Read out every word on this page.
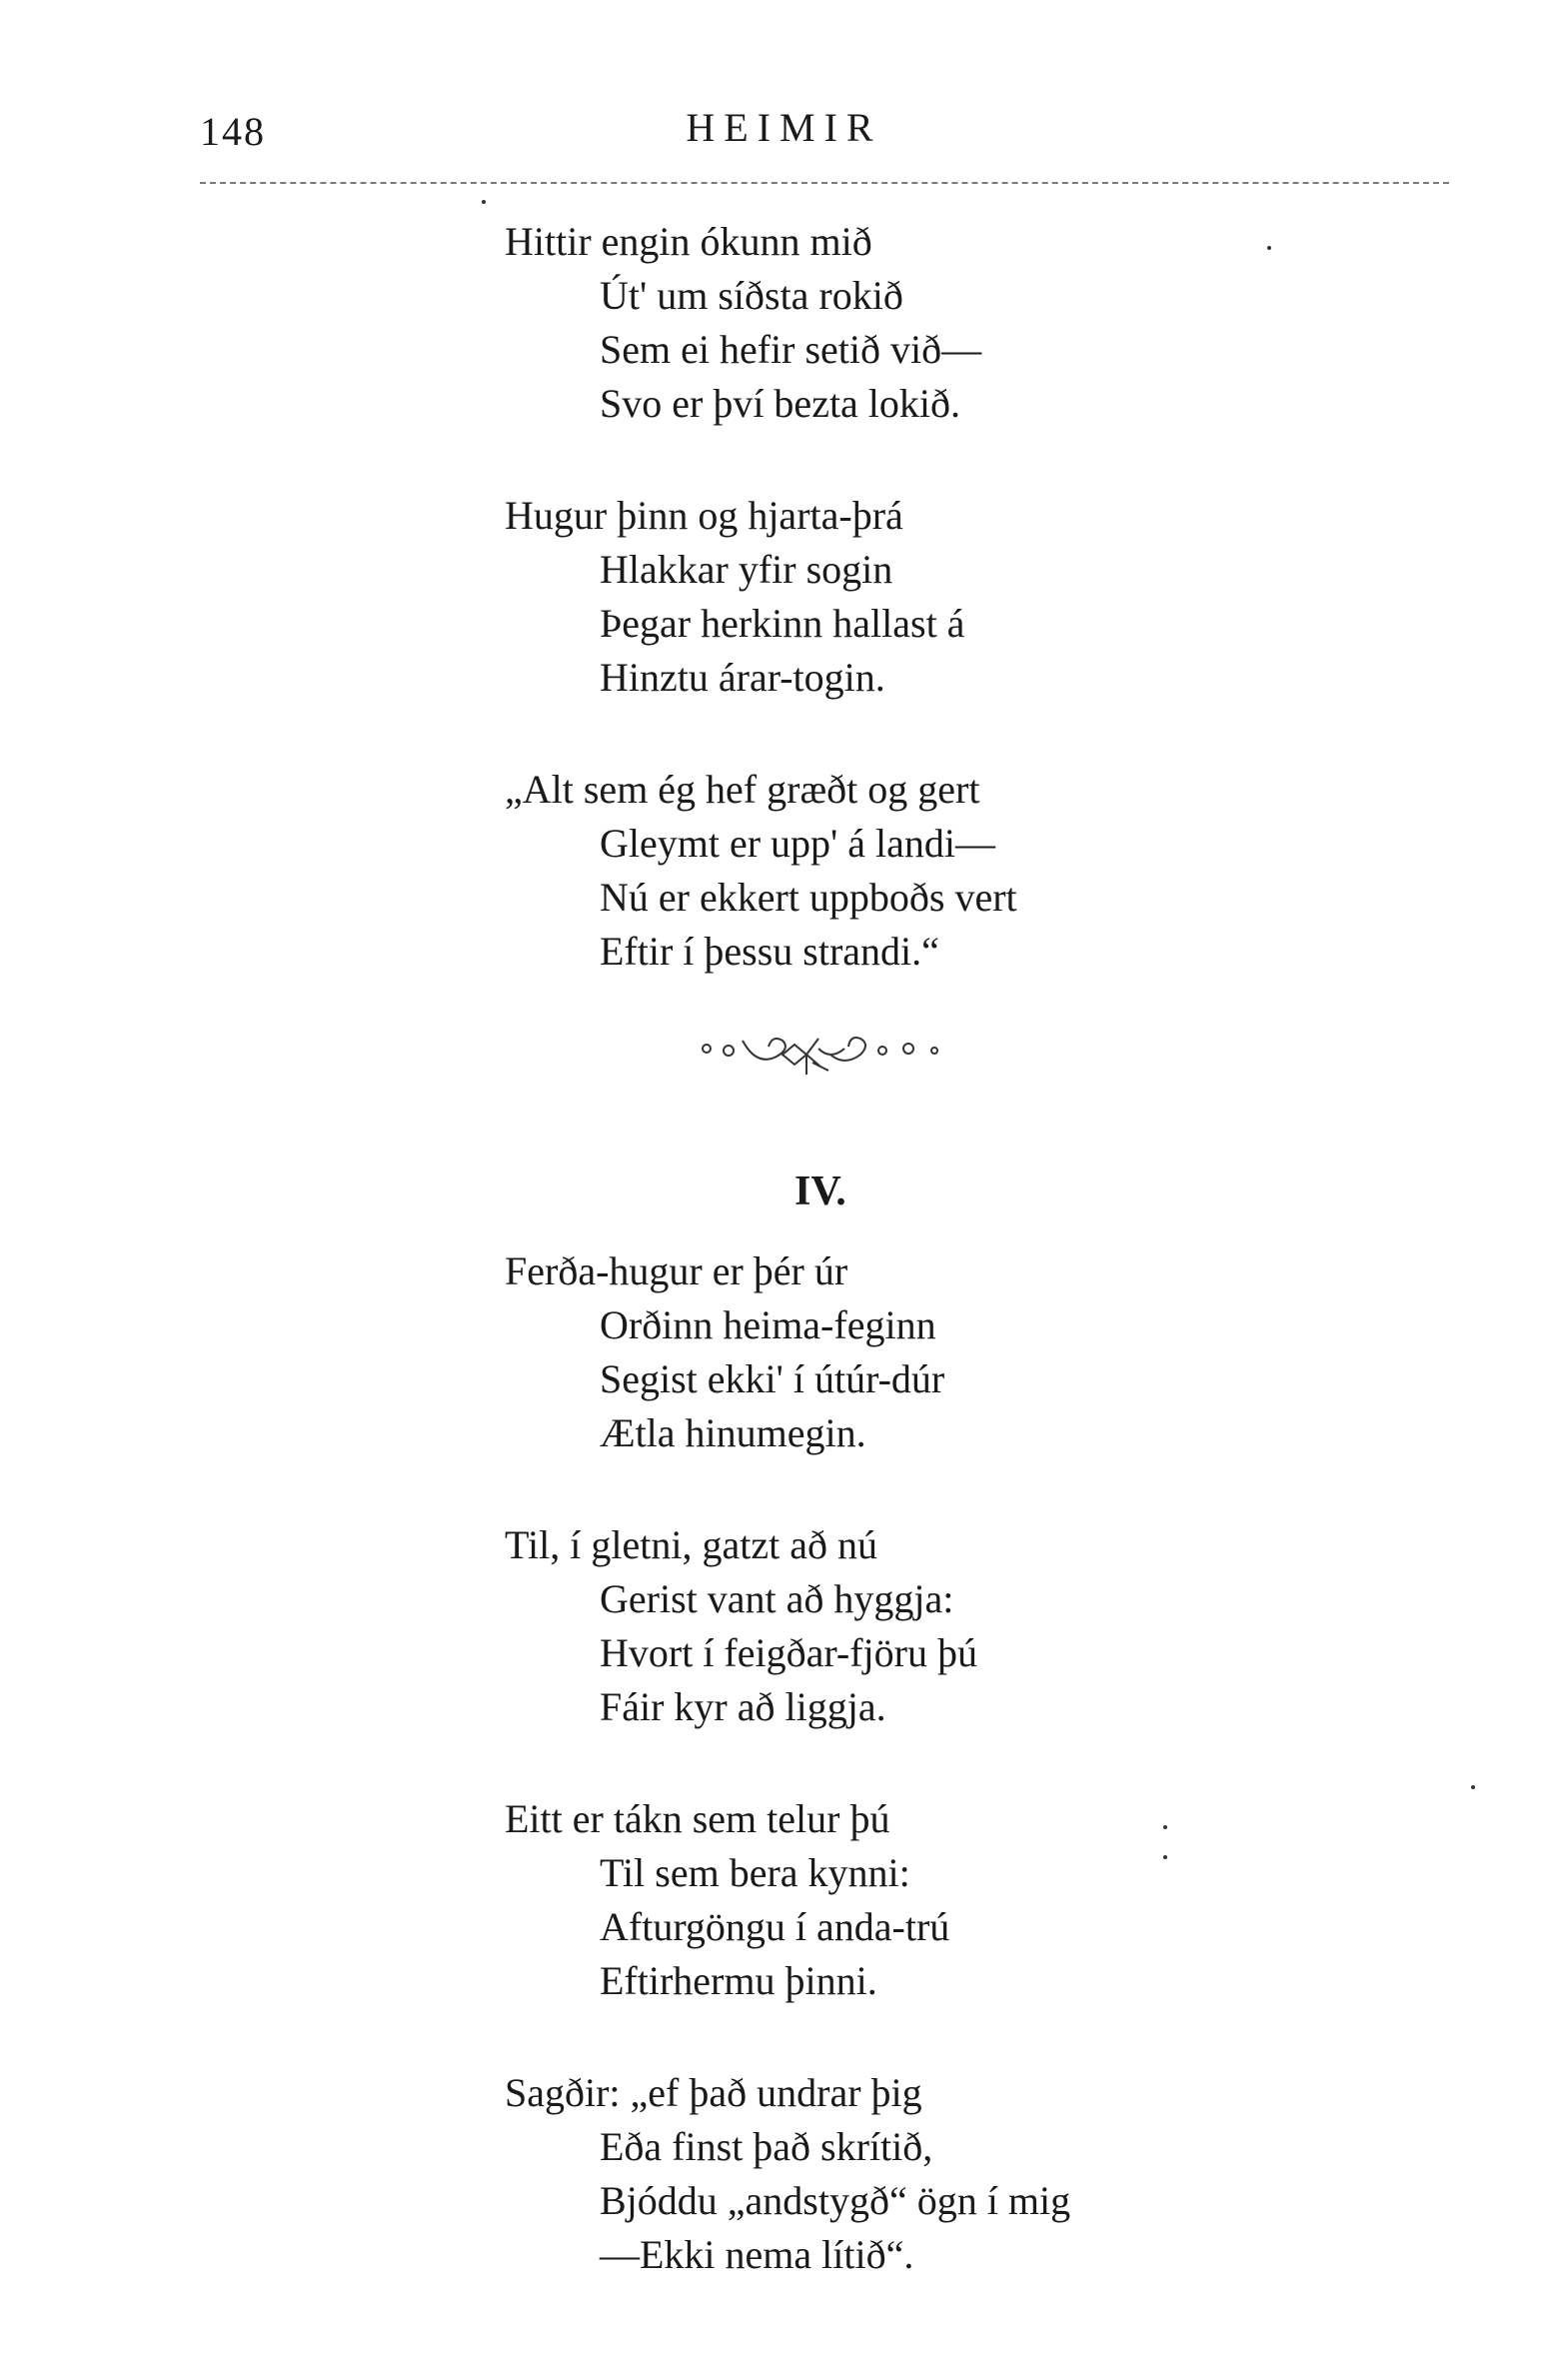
148	HEIMIR
Hittir engin ókunn mið
Út' um síðsta rokið
Sem ei hefir setið við—
Svo er því bezta lokið.
Hugur þinn og hjarta-þrá
Hlakkar yfir sogin
Þegar herkinn hallast á
Hinztu árar-togin.
„Alt sem ég hef græðt og gert
Gleymt er upp' á landi—
Nú er ekkert uppboðs vert
Eftir í þessu strandi.“
IV.
Ferða-hugur er þér úr
Orðinn heima-feginn
Segist ekki' í útúr-dúr
Ætla hinumegin.
Til, í gletni, gatzt að nú
Gerist vant að hyggja:
Hvort í feigðar-fjöru þú
Fáir kyr að liggja.
Eitt er tákn sem telur þú
Til sem bera kynni:
Afturgöngu í anda-trú
Eftirhermu þinni.
Sagðir: „ef það undrar þig
Eða finst það skrítið,
Bjóddu „andstygð“ ögn í mig
—Ekki nema lítið“.
